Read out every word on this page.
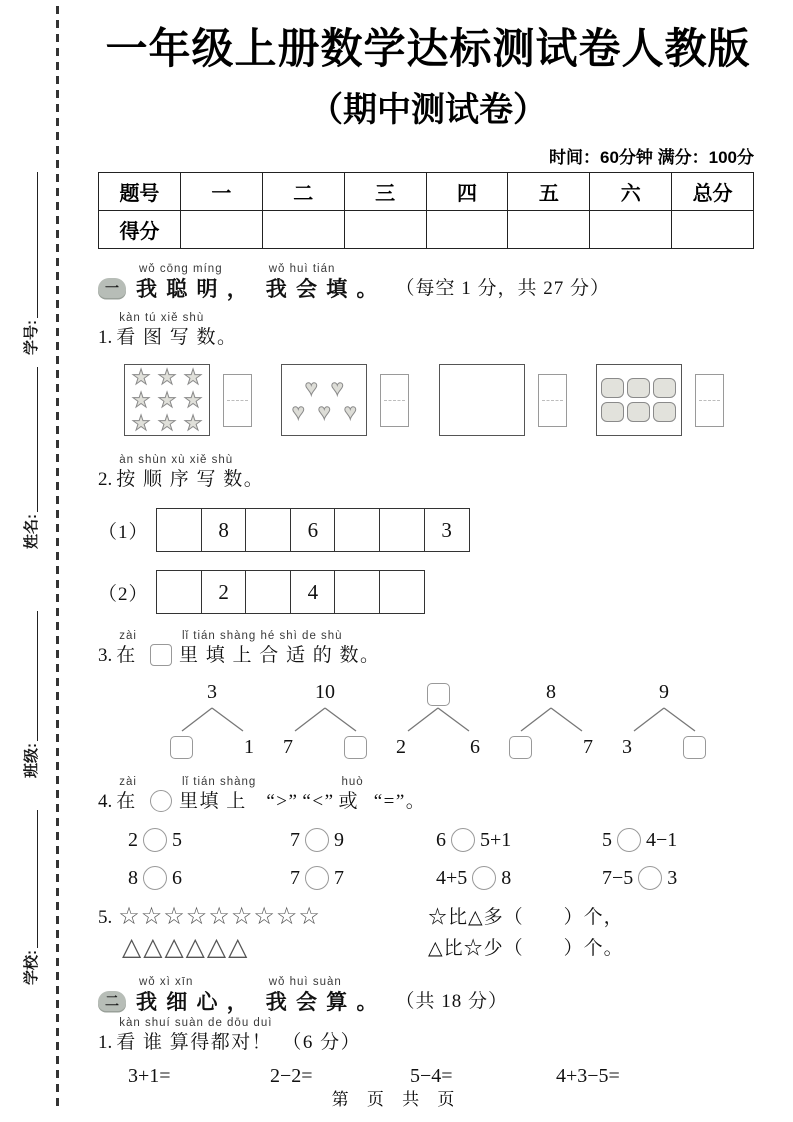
学校:
班级:
姓名:
学号:
一年级上册数学达标测试卷人教版
（期中测试卷）
时间：60分钟 满分：100分
题号	一	二	三	四	五	六	总分
得分							
一
wǒ cōng míng
我 聪 明 ，
wǒ huì tián
我 会 填 。 （每空 1 分，共 27 分）
1.
kàn tú xiě shù
看 图 写 数。
★ ★ ★
★ ★ ★
★ ★ ★
♥ ♥
♥ ♥ ♥
2.
àn shùn xù xiě shù
按 顺 序 写 数。
（1）	8	6	3
（2）	2	4
3.
zài
在
lǐ tián shàng hé shì de shù
里 填 上 合 适 的 数。
3
1
10
7	2	6
8
7
9
3
4.
zài
在
lǐ tián shàng
里填 上 “>” “<”
huò
或 “=”。
2 5	7 9	6 5+1	5 4−1
8 6	7 7	4+5 8	7−5 3
5. ☆☆☆☆☆☆☆☆☆
△△△△△△
☆比△多（　　）个，
△比☆少（　　）个。
二
wǒ xì xīn
我 细 心 ，
wǒ huì suàn
我 会 算 。 （共 18 分）
1.
kàn shuí suàn de dōu duì
看 谁 算得都对！ （6 分）
3+1=	2−2=	5−4=	4+3−5=
第 页 共 页
